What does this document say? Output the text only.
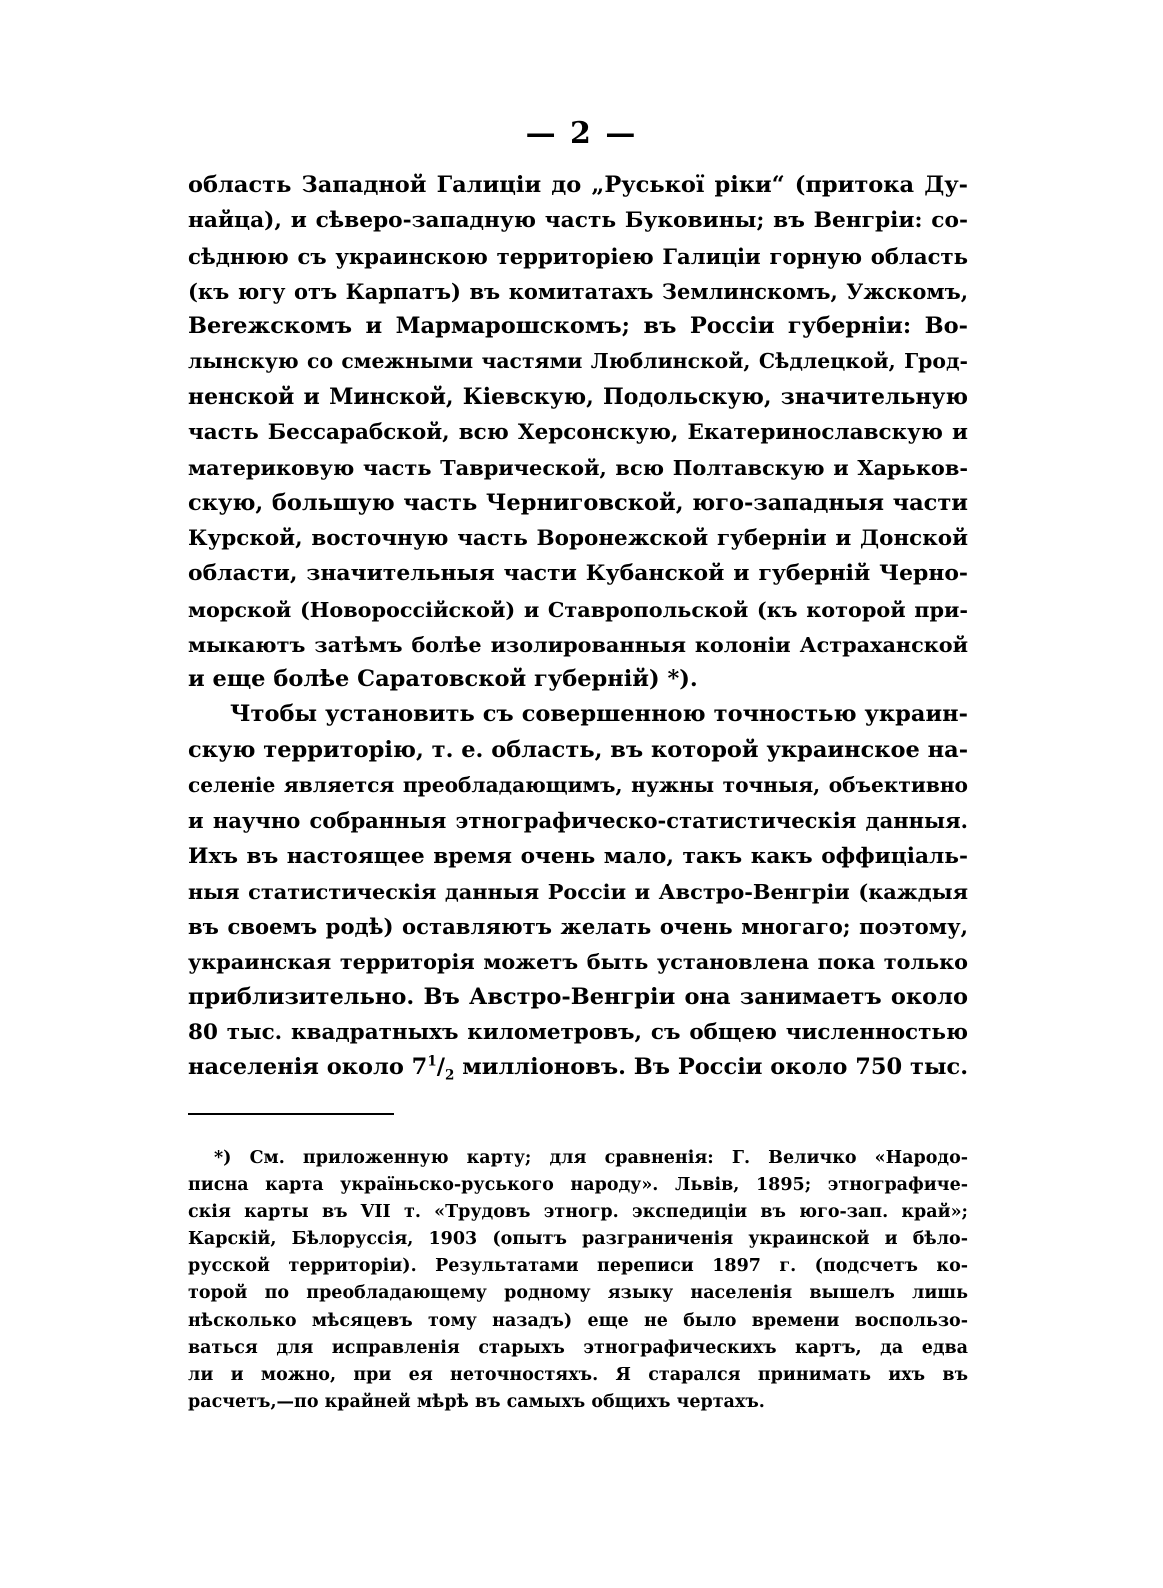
— 2 —
область Западной Галиціи до „Руської ріки“ (притока Ду-
найца), и сѣверо-западную часть Буковины; въ Венгріи: со-
сѣднюю съ украинскою территоріею Галиціи горную область
(къ югу отъ Карпатъ) въ комитатахъ Землинскомъ, Ужскомъ,
Berежскомъ и Мармарошскомъ; въ Россіи губерніи: Во-
лынскую со смежными частями Люблинской, Сѣдлецкой, Грод-
ненской и Минской, Кіевскую, Подольскую, значительную
часть Бессарабской, всю Херсонскую, Екатеринославскую и
материковую часть Таврической, всю Полтавскую и Харьков-
скую, большую часть Черниговской, юго-западныя части
Курской, восточную часть Воронежской губерніи и Донской
области, значительныя части Кубанской и губерній Черно-
морской (Новороссійской) и Ставропольской (къ которой при-
мыкаютъ затѣмъ болѣе изолированныя колоніи Астраханской
и еще болѣе Саратовской губерній) *).
Чтобы установить съ совершенною точностью украин-
скую территорію, т. е. область, въ которой украинское на-
селеніе является преобладающимъ, нужны точныя, объективно
и научно собранныя этнографическо-статистическія данныя.
Ихъ въ настоящее время очень мало, такъ какъ оффиціаль-
ныя статистическія данныя Россіи и Австро-Венгріи (каждыя
въ своемъ родѣ) оставляютъ желать очень многаго; поэтому,
украинская территорія можетъ быть установлена пока только
приблизительно. Въ Австро-Венгріи она занимаетъ около
80 тыс. квадратныхъ километровъ, съ общею численностью
населенія около $7^1/_2$ милліоновъ. Въ Россіи около 750 тыс.
*) См. приложенную карту; для сравненія: Г. Величко «Народо-
писна карта україньско-руського народу». Львів, 1895; этнографиче-
скія карты въ VII т. «Трудовъ этногр. экспедиціи въ юго-зап. край»;
Карскій, Бѣлоруссія, 1903 (опытъ разграниченія украинской и бѣло-
русской территоріи). Результатами переписи 1897 г. (подсчетъ ко-
торой по преобладающему родному языку населенія вышелъ лишь
нѣсколько мѣсяцевъ тому назадъ) еще не было времени воспользо-
ваться для исправленія старыхъ этнографическихъ картъ, да едва
ли и можно, при ея неточностяхъ. Я старался принимать ихъ въ
расчетъ,—по крайней мѣрѣ въ самыхъ общихъ чертахъ.
